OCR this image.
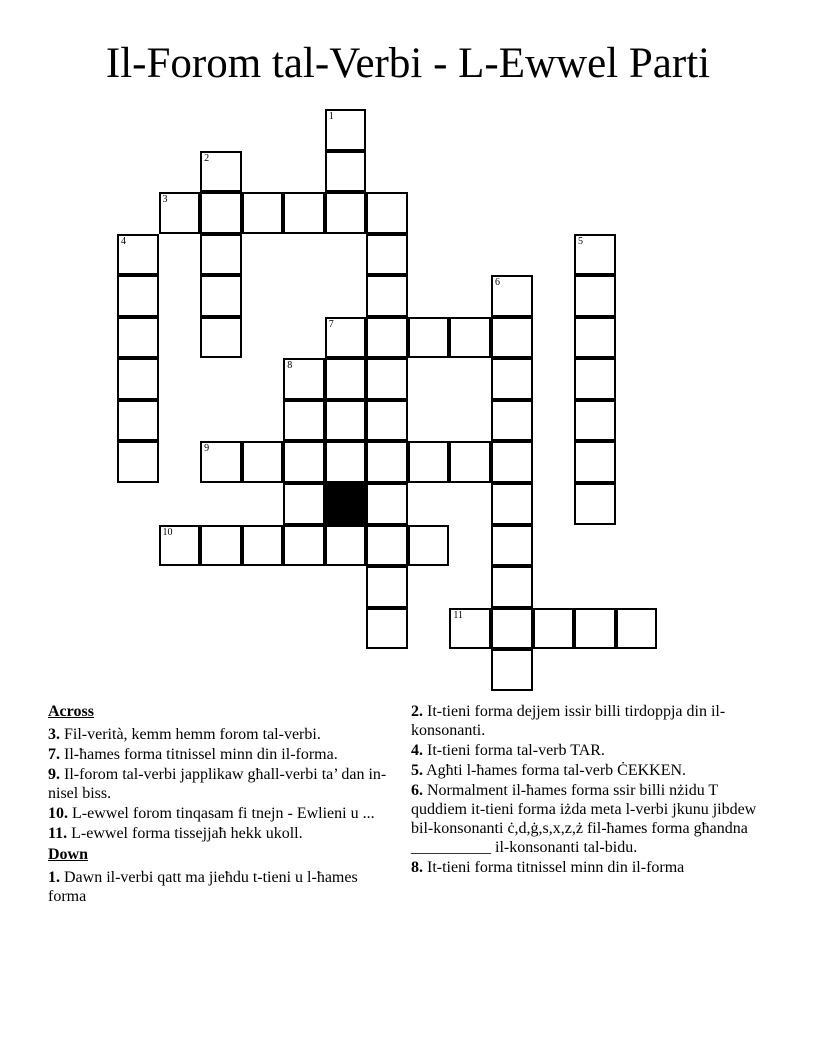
Il-Forom tal-Verbi - L-Ewwel Parti
1
2
3
4	5
6
7
8
9
10
11
Across
3. Fil-verità, kemm hemm forom tal-verbi.
7. Il-ħames forma titnissel minn din il-forma.
9. Il-forom tal-verbi japplikaw għall-verbi ta’ dan in-nisel biss.
10. L-ewwel forom tinqasam fi tnejn - Ewlieni u ...
11. L-ewwel forma tissejjaħ hekk ukoll.
Down
1. Dawn il-verbi qatt ma jieħdu t-tieni u l-ħames forma
2. It-tieni forma dejjem issir billi tirdoppja din il-konsonanti.
4. It-tieni forma tal-verb TAR.
5. Agħti l-ħames forma tal-verb ĊEKKEN.
6. Normalment il-ħames forma ssir billi nżidu T quddiem it-tieni forma iżda meta l-verbi jkunu jibdew bil-konsonanti ċ,d,ġ,s,x,z,ż fil-ħames forma għandna __________ il-konsonanti tal-bidu.
8. It-tieni forma titnissel minn din il-forma
